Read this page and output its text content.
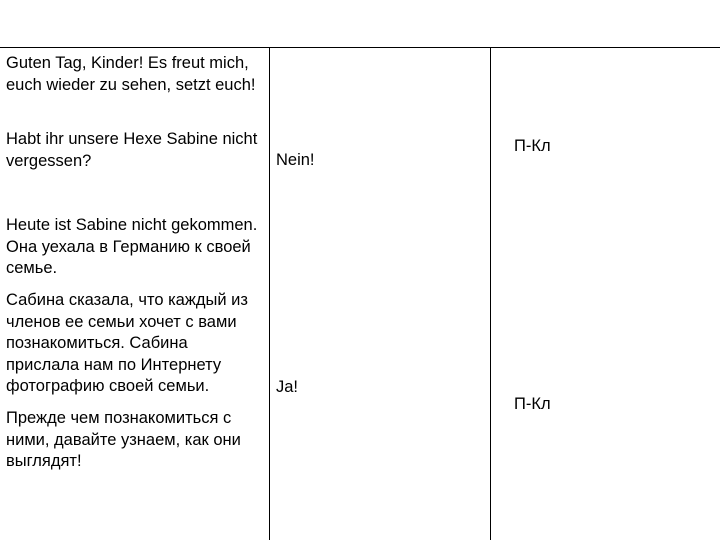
Guten Tag, Kinder! Es freut mich, euch wieder zu sehen, setzt euch!

Habt ihr unsere Hexe Sabine nicht vergessen?

Heute ist Sabine nicht gekommen. Она уехала в Германию к своей семье.

Сабина сказала, что каждый из членов ее семьи хочет с вами познакомиться. Сабина прислала нам по Интернету фотографию своей семьи.

Прежде чем познакомиться с ними, давайте узнаем, как они выглядят!

Nein!

Ja!

П-Кл

П-Кл
